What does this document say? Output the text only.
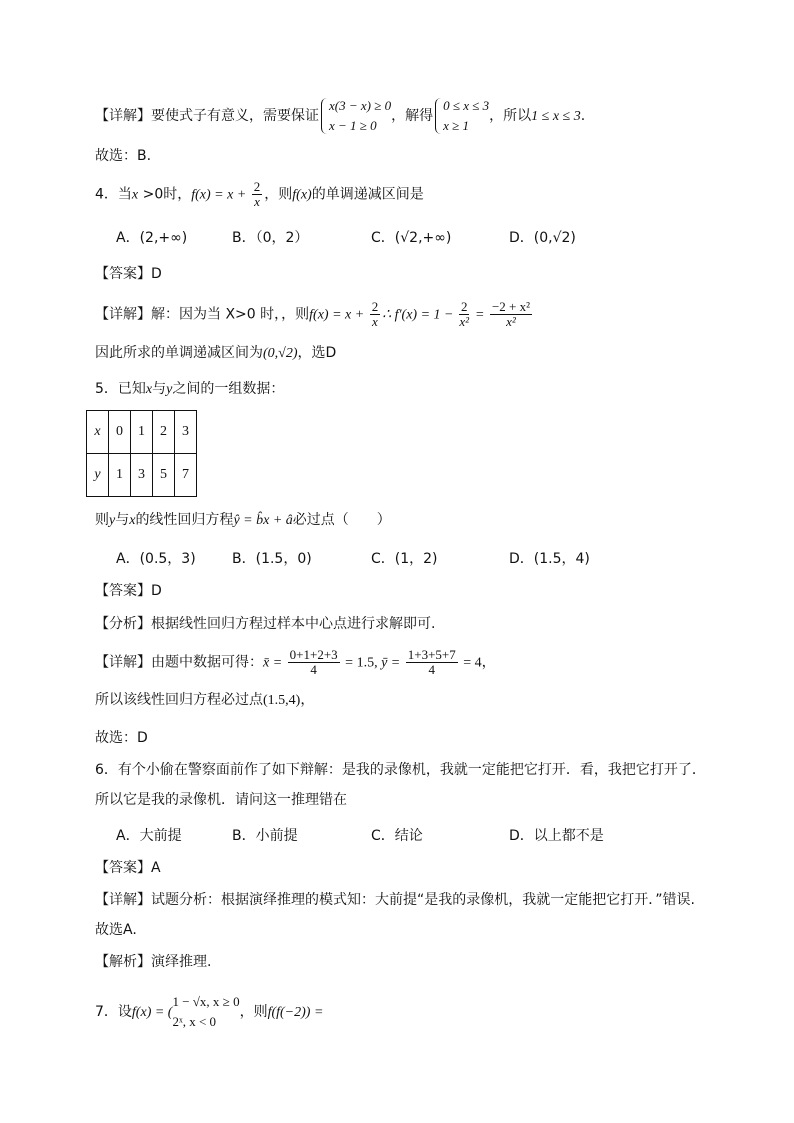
【详解】要使式子有意义，需要保证
x(3 − x) ≥ 0
x − 1 ≥ 0
，解得
0 ≤ x ≤ 3
x ≥ 1
，所以1 ≤ x ≤ 3.
故选：B.
4．当x >0时，$f(x) = x + \frac{2}{x}$ ，则f(x)的单调递减区间是
A．(2,+∞)	B．（0，2）	C．(√2,+∞)	D．(0,√2)
【答案】D
【详解】解：因为当 X>0 时，，则$f(x) = x + \frac{2}{x}$ ∴ $f'(x) = 1 - \frac{2}{\text{x²}} = \frac{\text{−2 + x²}}{\text{x²}}$
因此所求的单调递减区间为(0,√2)，选D
5．已知x与y之间的一组数据：
x	0	1	2	3
y	1	3	5	7
则y与x的线性回归方程ŷ = b̂x + â必过点（　　）
A．(0.5，3)	B．(1.5，0)	C．(1，2)	D．(1.5，4)
【答案】D
【分析】根据线性回归方程过样本中心点进行求解即可.
【详解】由题中数据可得：x̄ = $\frac{0+1+2+3}{4} = 1.5$, ȳ = $\frac{1+3+5+7}{4} = 4$，
所以该线性回归方程必过点(1.5,4)，
故选：D
6．有个小偷在警察面前作了如下辩解：是我的录像机，我就一定能把它打开．看，我把它打开了．
所以它是我的录像机．请问这一推理错在
A．大前提	B．小前提	C．结论	D．以上都不是
【答案】A
【详解】试题分析：根据演绎推理的模式知：大前提“是我的录像机，我就一定能把它打开．”错误.
故选A.
【解析】演绎推理.
7．设f(x) = (
1 − √x, x ≥ 0
2ˣ, x < 0
，则f(f(−2)) =
